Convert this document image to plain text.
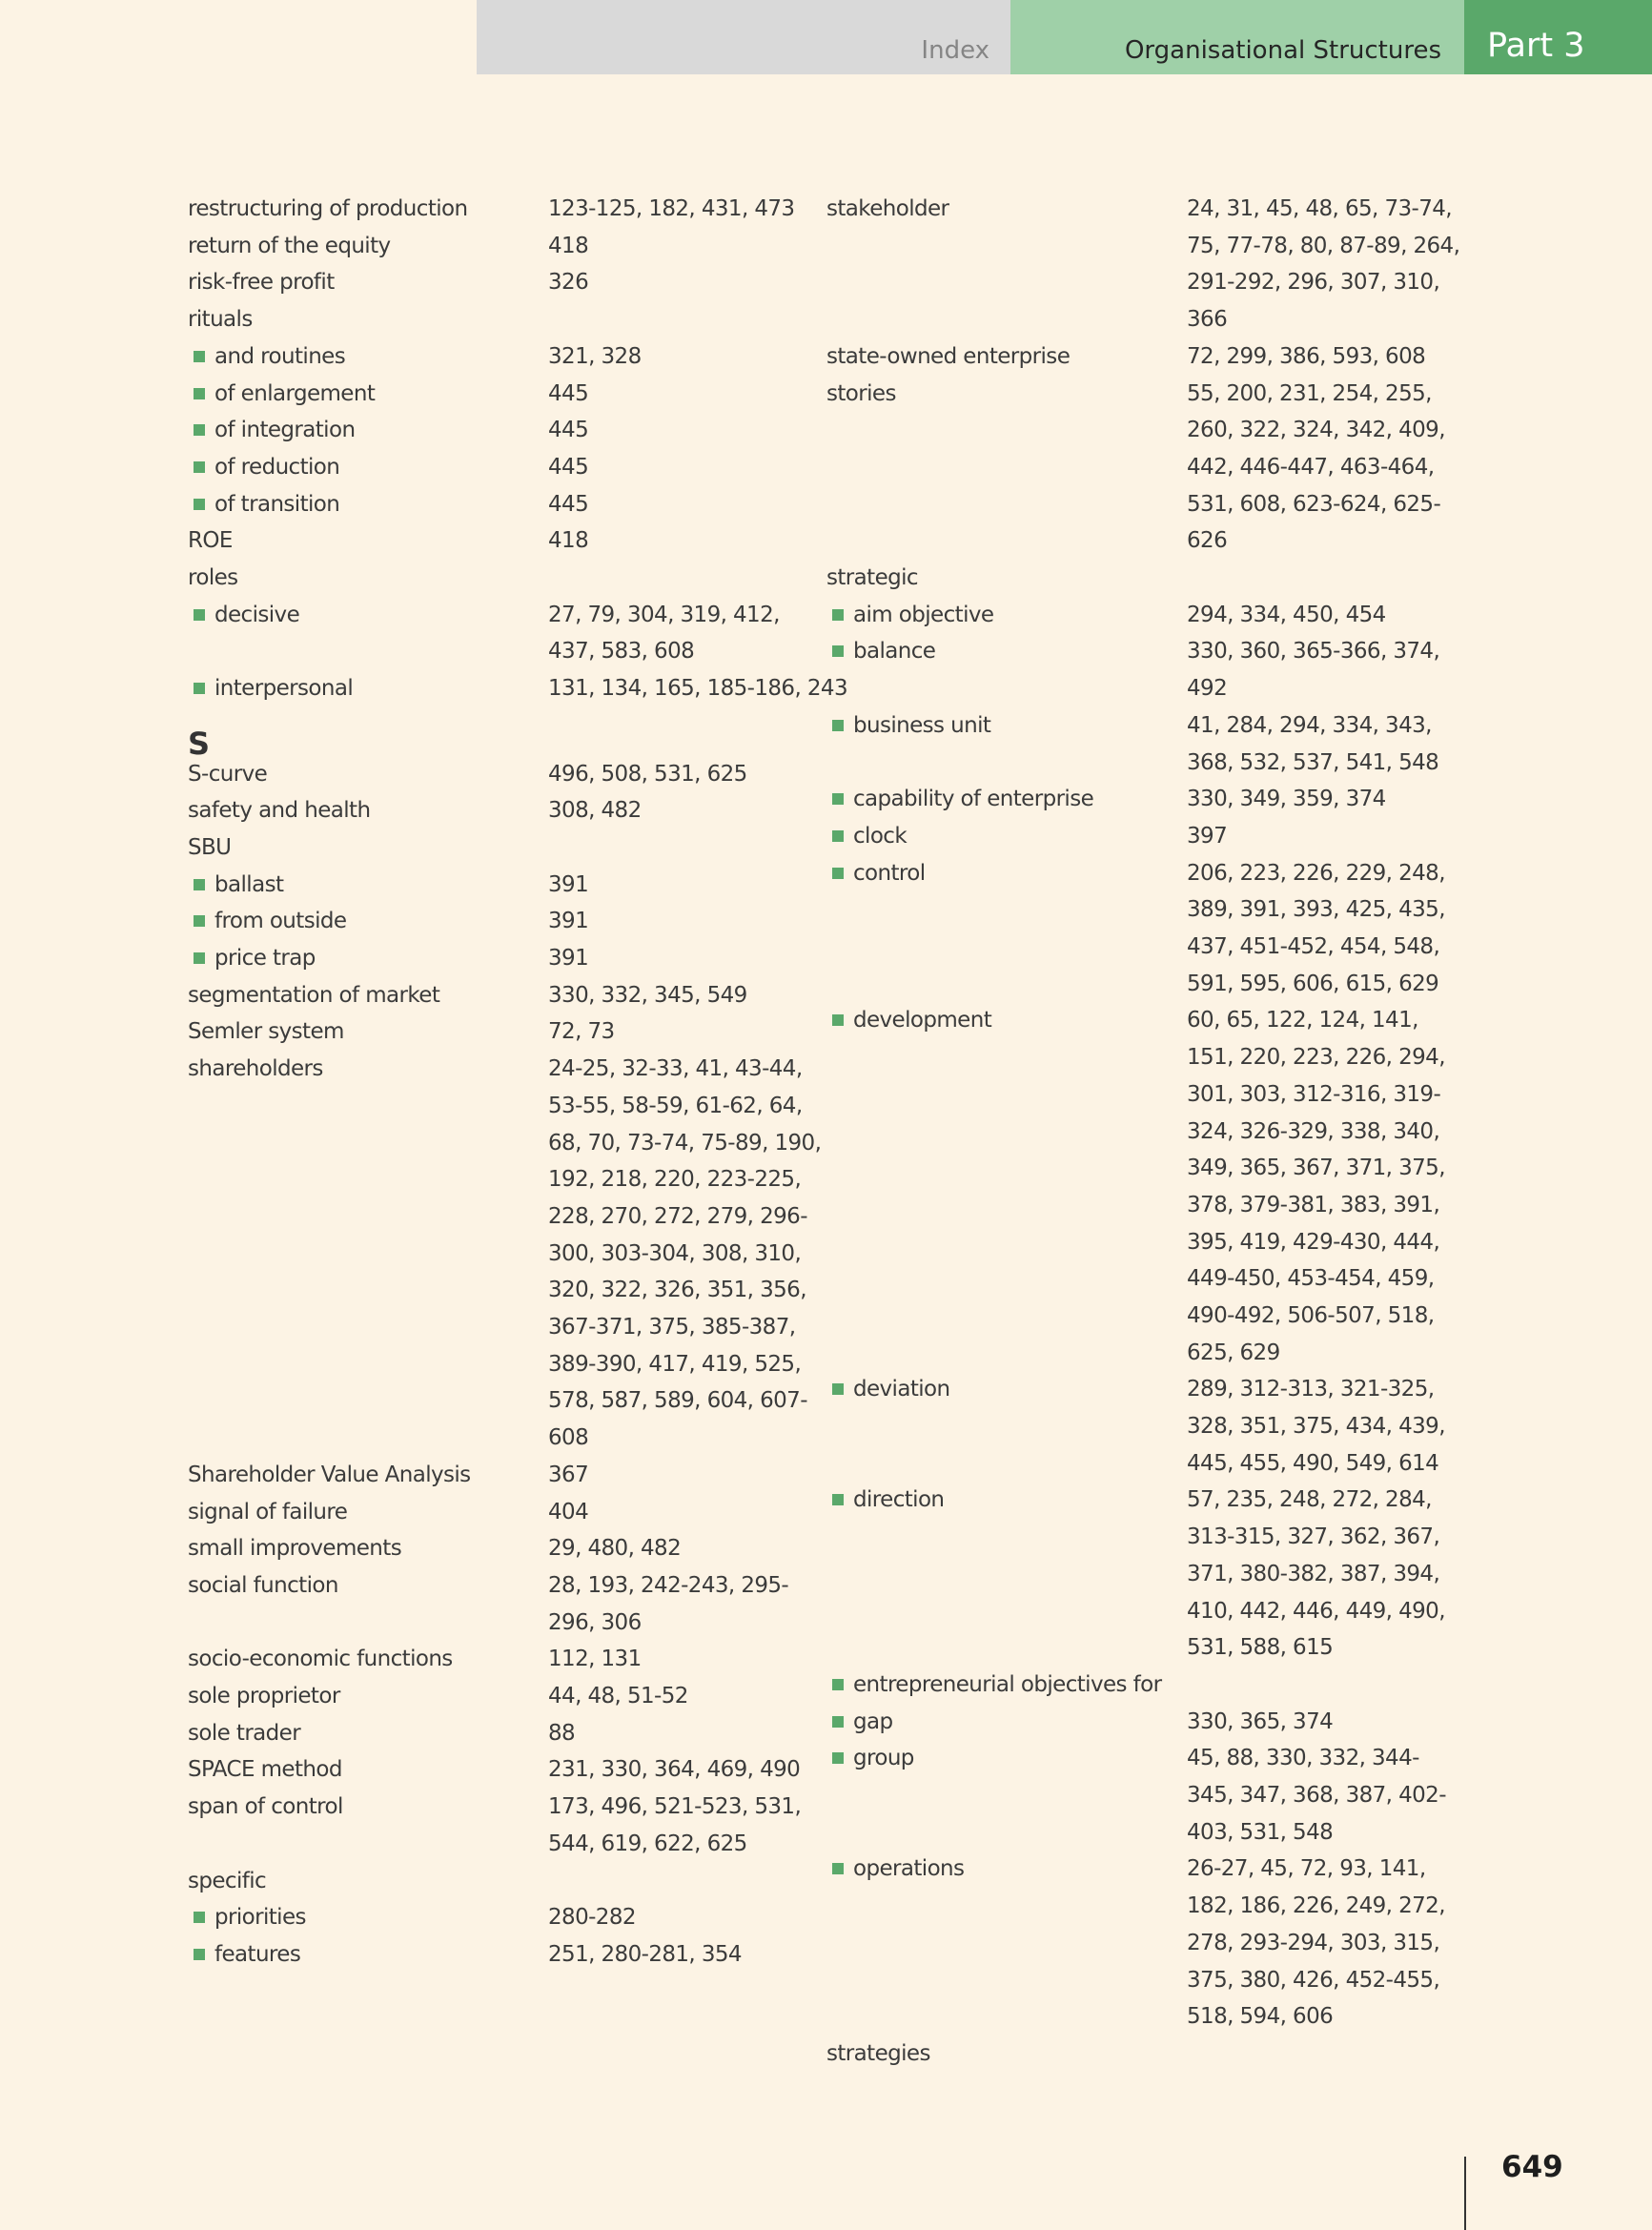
Index	Organisational Structures	Part 3
restructuring of production	123-125, 182, 431, 473
return of the equity	418
risk-free profit	326
rituals
and routines	321, 328
of enlargement	445
of integration	445
of reduction	445
of transition	445
ROE	418
roles
decisive	27, 79, 304, 319, 412,
437, 583, 608
interpersonal	131, 134, 165, 185-186, 243
S
S-curve	496, 508, 531, 625
safety and health	308, 482
SBU
ballast	391
from outside	391
price trap	391
segmentation of market	330, 332, 345, 549
Semler system	72, 73
shareholders	24-25, 32-33, 41, 43-44,
53-55, 58-59, 61-62, 64,
68, 70, 73-74, 75-89, 190,
192, 218, 220, 223-225,
228, 270, 272, 279, 296-
300, 303-304, 308, 310,
320, 322, 326, 351, 356,
367-371, 375, 385-387,
389-390, 417, 419, 525,
578, 587, 589, 604, 607-
608
Shareholder Value Analysis	367
signal of failure	404
small improvements	29, 480, 482
social function	28, 193, 242-243, 295-
296, 306
socio-economic functions	112, 131
sole proprietor	44, 48, 51-52
sole trader	88
SPACE method	231, 330, 364, 469, 490
span of control	173, 496, 521-523, 531,
544, 619, 622, 625
specific
priorities	280-282
features	251, 280-281, 354
stakeholder	24, 31, 45, 48, 65, 73-74,
75, 77-78, 80, 87-89, 264,
291-292, 296, 307, 310,
366
state-owned enterprise	72, 299, 386, 593, 608
stories	55, 200, 231, 254, 255,
260, 322, 324, 342, 409,
442, 446-447, 463-464,
531, 608, 623-624, 625-
626
strategic
aim objective	294, 334, 450, 454
balance	330, 360, 365-366, 374,
492
business unit	41, 284, 294, 334, 343,
368, 532, 537, 541, 548
capability of enterprise	330, 349, 359, 374
clock	397
control	206, 223, 226, 229, 248,
389, 391, 393, 425, 435,
437, 451-452, 454, 548,
591, 595, 606, 615, 629
development	60, 65, 122, 124, 141,
151, 220, 223, 226, 294,
301, 303, 312-316, 319-
324, 326-329, 338, 340,
349, 365, 367, 371, 375,
378, 379-381, 383, 391,
395, 419, 429-430, 444,
449-450, 453-454, 459,
490-492, 506-507, 518,
625, 629
deviation	289, 312-313, 321-325,
328, 351, 375, 434, 439,
445, 455, 490, 549, 614
direction	57, 235, 248, 272, 284,
313-315, 327, 362, 367,
371, 380-382, 387, 394,
410, 442, 446, 449, 490,
531, 588, 615
entrepreneurial objectives for
gap	330, 365, 374
group	45, 88, 330, 332, 344-
345, 347, 368, 387, 402-
403, 531, 548
operations	26-27, 45, 72, 93, 141,
182, 186, 226, 249, 272,
278, 293-294, 303, 315,
375, 380, 426, 452-455,
518, 594, 606
strategies
649
